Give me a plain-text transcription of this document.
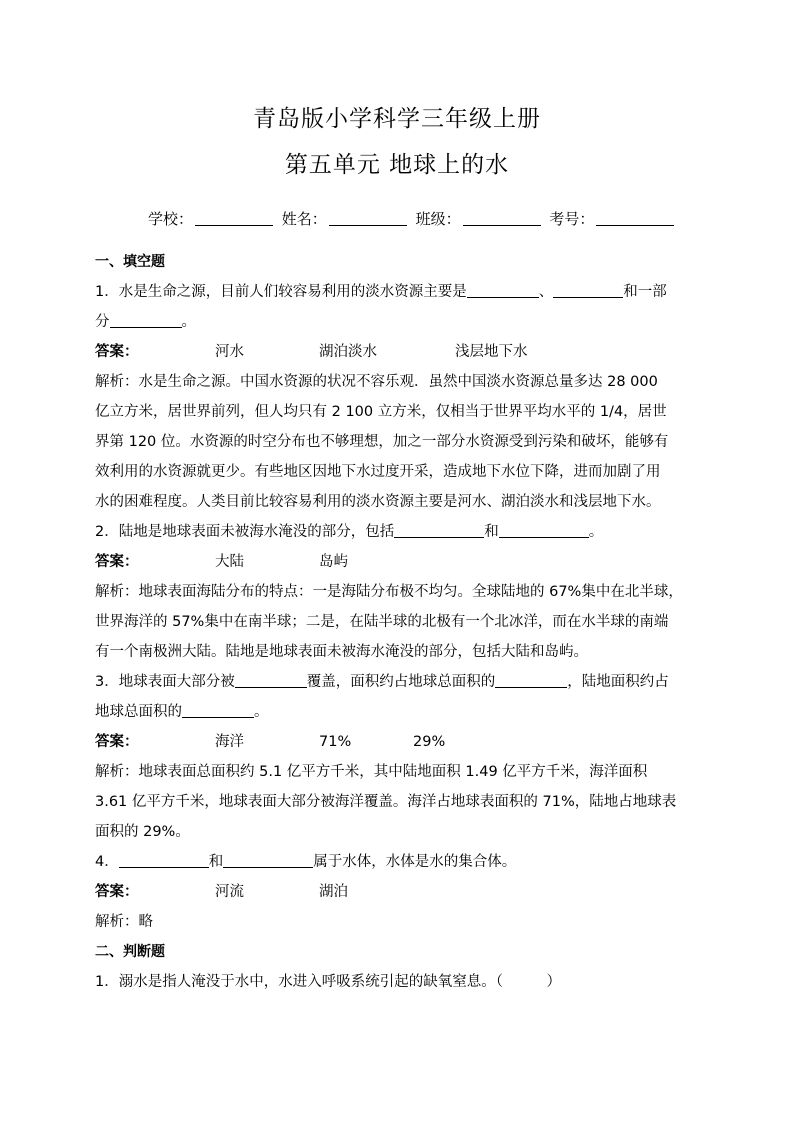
青岛版小学科学三年级上册
第五单元 地球上的水
学校：	姓名：	班级：	考号：

一、填空题

1．水是生命之源，目前人们较容易利用的淡水资源主要是	、	和一部

分	。

答案：	河水	湖泊淡水	浅层地下水

解析：水是生命之源。中国水资源的状况不容乐观．虽然中国淡水资源总量多达 28 000

亿立方米，居世界前列，但人均只有 2 100 立方米，仅相当于世界平均水平的 1/4，居世

界第 120 位。水资源的时空分布也不够理想，加之一部分水资源受到污染和破坏，能够有

效利用的水资源就更少。有些地区因地下水过度开采，造成地下水位下降，进而加剧了用

水的困难程度。人类目前比较容易利用的淡水资源主要是河水、湖泊淡水和浅层地下水。

2．陆地是地球表面未被海水淹没的部分，包括	和	。

答案：	大陆	岛屿

解析：地球表面海陆分布的特点：一是海陆分布极不均匀。全球陆地的 67%集中在北半球，

世界海洋的 57%集中在南半球；二是，在陆半球的北极有一个北冰洋，而在水半球的南端

有一个南极洲大陆。陆地是地球表面未被海水淹没的部分，包括大陆和岛屿。

3．地球表面大部分被	覆盖，面积约占地球总面积的	，陆地面积约占

地球总面积的	。

答案：	海洋	71%	29%

解析：地球表面总面积约 5.1 亿平方千米，其中陆地面积 1.49 亿平方千米，海洋面积

3.61 亿平方千米，地球表面大部分被海洋覆盖。海洋占地球表面积的 71%，陆地占地球表

面积的 29%。

4．	和	属于水体，水体是水的集合体。

答案：	河流	湖泊

解析：略

二、判断题

1．溺水是指人淹没于水中，水进入呼吸系统引起的缺氧窒息。（　　　）
